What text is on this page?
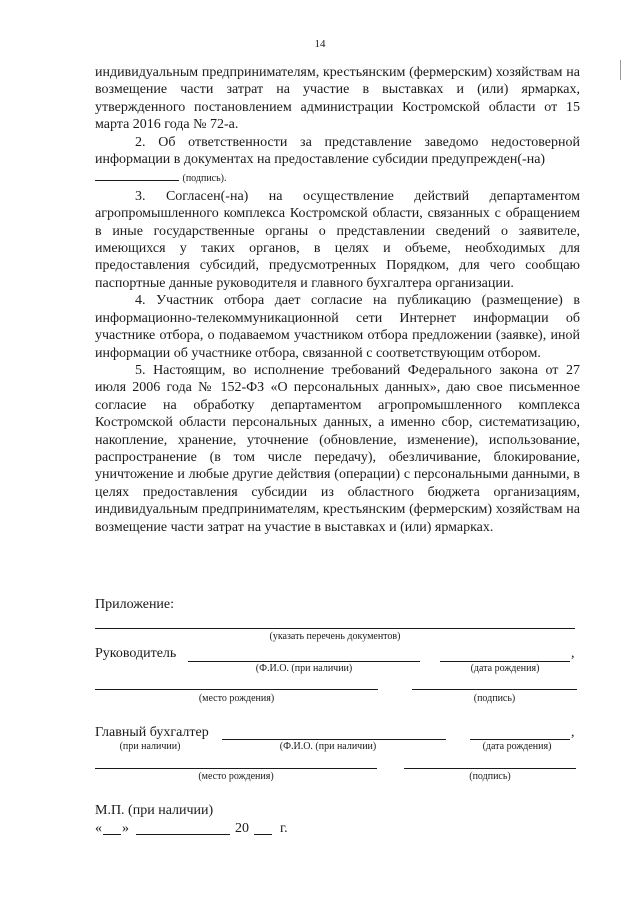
14

индивидуальным предпринимателям, крестьянским (фермерским) хозяйствам на возмещение части затрат на участие в выставках и (или) ярмарках, утвержденного постановлением администрации Костромской области от 15 марта 2016 года № 72-а.

2. Об ответственности за представление заведомо недостоверной информации в документах на предоставление субсидии предупрежден(-на)

(подпись).

3. Согласен(-на) на осуществление действий департаментом агропромышленного комплекса Костромской области, связанных с обращением в иные государственные органы о представлении сведений о заявителе, имеющихся у таких органов, в целях и объеме, необходимых для предоставления субсидий, предусмотренных Порядком, для чего сообщаю паспортные данные руководителя и главного бухгалтера организации.

4. Участник отбора дает согласие на публикацию (размещение) в информационно-телекоммуникационной сети Интернет информации об участнике отбора, о подаваемом участником отбора предложении (заявке), иной информации об участнике отбора, связанной с соответствующим отбором.

5. Настоящим, во исполнение требований Федерального закона от 27 июля 2006 года № 152-ФЗ «О персональных данных», даю свое письменное согласие на обработку департаментом агропромышленного комплекса Костромской области персональных данных, а именно сбор, систематизацию, накопление, хранение, уточнение (обновление, изменение), использование, распространение (в том числе передачу), обезличивание, блокирование, уничтожение и любые другие действия (операции) с персональными данными, в целях предоставления субсидии из областного бюджета организациям, индивидуальным предпринимателям, крестьянским (фермерским) хозяйствам на возмещение части затрат на участие в выставках и (или) ярмарках.

Приложение:
(указать перечень документов)
Руководитель	,
(Ф.И.О. (при наличии)	(дата рождения)
(место рождения)	(подпись)
Главный бухгалтер	,
(при наличии)	(Ф.И.О. (при наличии)	(дата рождения)
(место рождения)	(подпись)
М.П. (при наличии)
« »	20 г.
